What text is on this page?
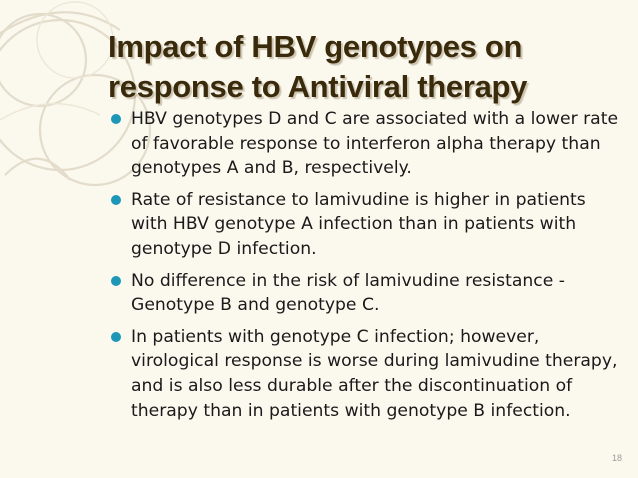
Impact of HBV genotypes on
response to Antiviral therapy
HBV genotypes D and C are associated with a lower rate of favorable response to interferon alpha therapy than genotypes A and B, respectively.
Rate of resistance to lamivudine is higher in patients with HBV genotype A infection than in patients with genotype D infection.
No difference in the risk of lamivudine resistance - Genotype B and genotype C.
In patients with genotype C infection; however, virological response is worse during lamivudine therapy, and is also less durable after the discontinuation of therapy than in patients with genotype B infection.
18
